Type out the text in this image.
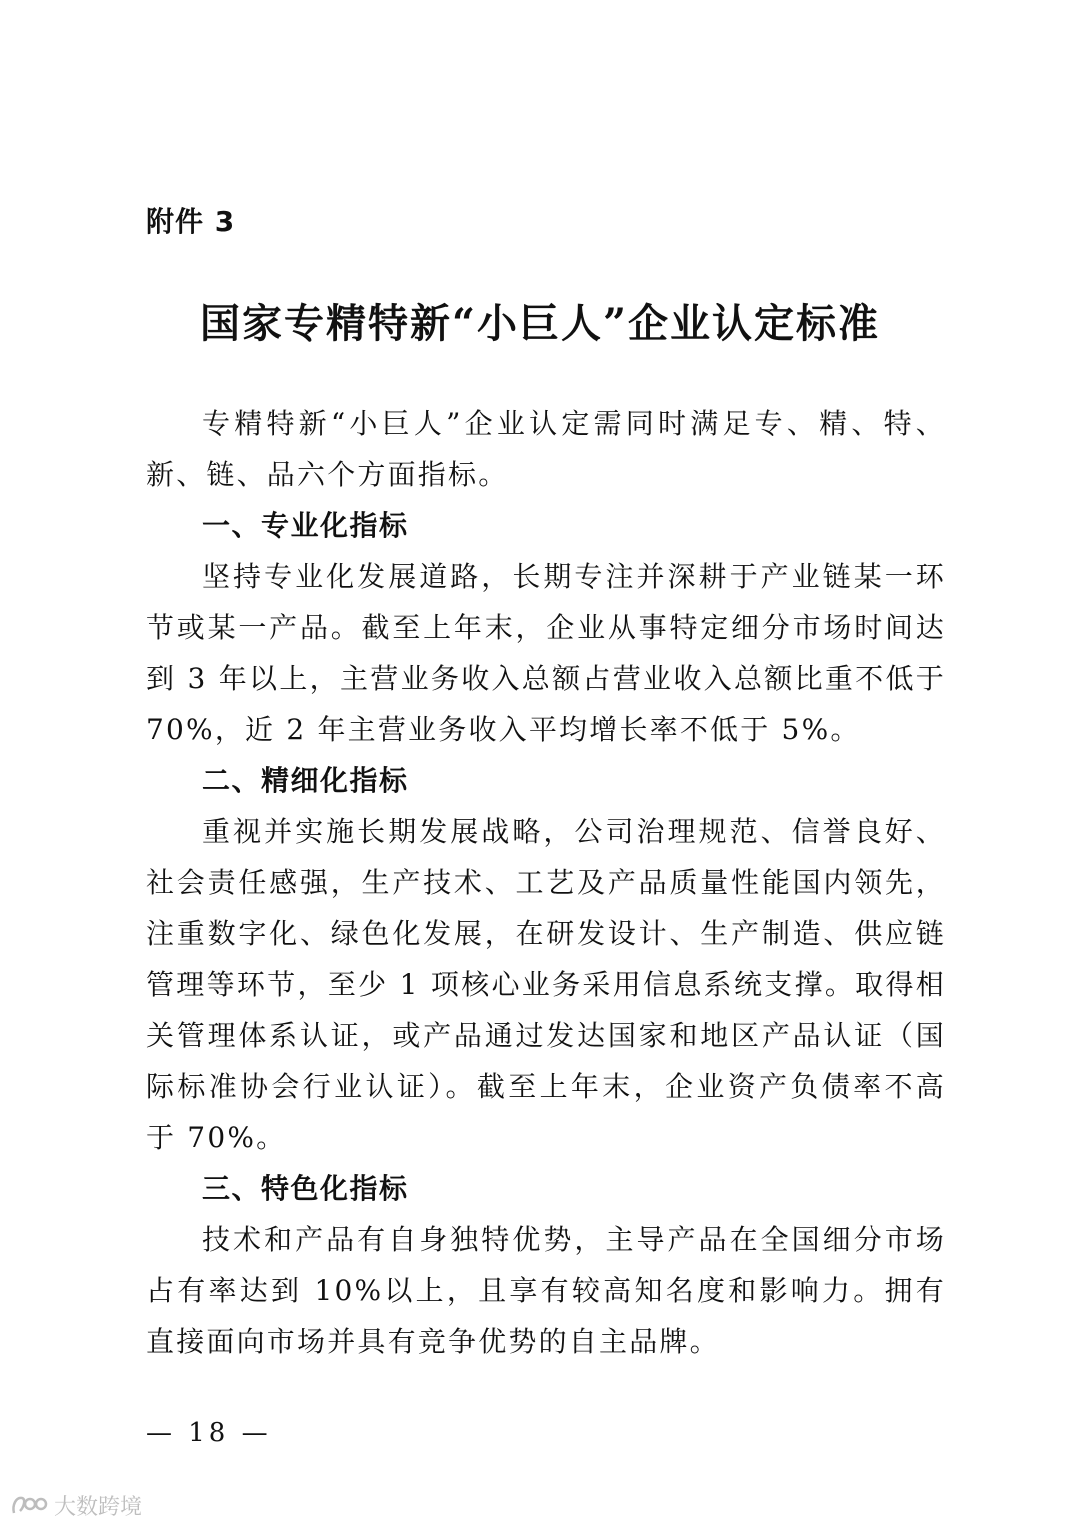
附件 3
国家专精特新“小巨人”企业认定标准

专精特新“小巨人”企业认定需同时满足专、精、特、新、链、品六个方面指标。

一、专业化指标

坚持专业化发展道路，长期专注并深耕于产业链某一环节或某一产品。截至上年末，企业从事特定细分市场时间达到 3 年以上，主营业务收入总额占营业收入总额比重不低于 70%，近 2 年主营业务收入平均增长率不低于 5%。

二、精细化指标

重视并实施长期发展战略，公司治理规范、信誉良好、社会责任感强，生产技术、工艺及产品质量性能国内领先，注重数字化、绿色化发展，在研发设计、生产制造、供应链管理等环节，至少 1 项核心业务采用信息系统支撑。取得相关管理体系认证，或产品通过发达国家和地区产品认证（国际标准协会行业认证）。截至上年末，企业资产负债率不高于 70%。

三、特色化指标

技术和产品有自身独特优势，主导产品在全国细分市场占有率达到 10%以上，且享有较高知名度和影响力。拥有直接面向市场并具有竞争优势的自主品牌。

— 18 —
大数跨境
